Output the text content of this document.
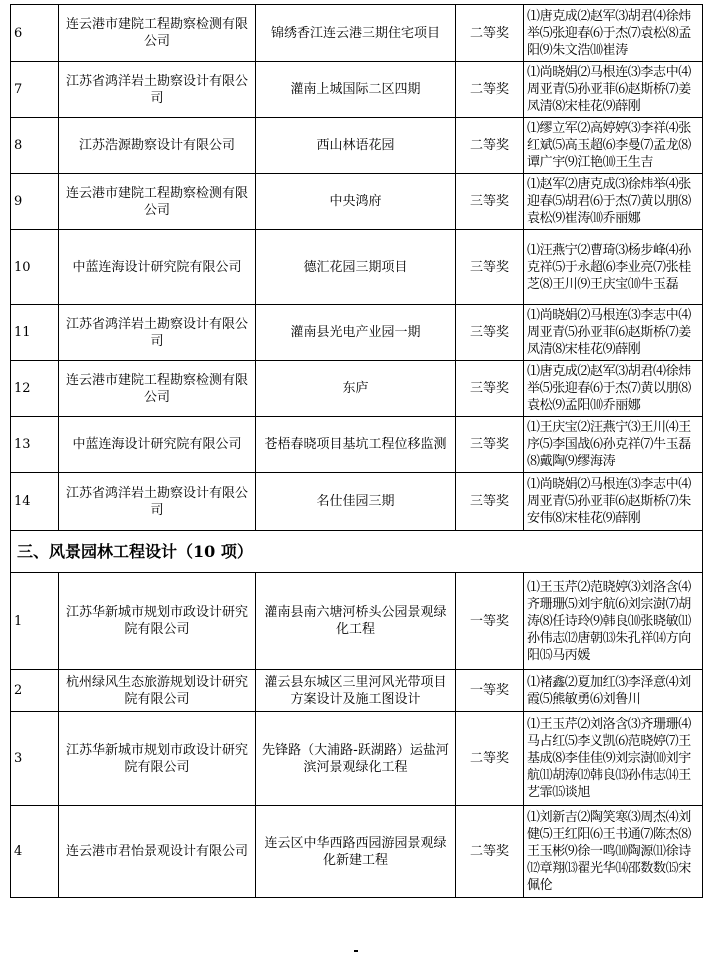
6	连云港市建院工程勘察检测有限公司	锦绣香江连云港三期住宅项目	二等奖	⑴唐克成⑵赵军⑶胡君⑷徐炜举⑸张迎春⑹于杰⑺袁松⑻孟阳⑼朱文浩⑽崔涛
7	江苏省鸿洋岩土勘察设计有限公司	灌南上城国际二区四期	二等奖	⑴尚晓娟⑵马根连⑶李志中⑷周亚青⑸孙亚菲⑹赵斯桥⑺姜凤清⑻宋桂花⑼薛刚
8	江苏浩源勘察设计有限公司	西山林语花园	二等奖	⑴缪立军⑵高婷婷⑶李祥⑷张红斌⑸高玉超⑹李曼⑺孟龙⑻谭广宇⑼江艳⑽王生吉
9	连云港市建院工程勘察检测有限公司	中央鸿府	三等奖	⑴赵军⑵唐克成⑶徐炜举⑷张迎春⑸胡君⑹于杰⑺黄以朋⑻袁松⑼崔涛⑽乔丽娜
10	中蓝连海设计研究院有限公司	德汇花园三期项目	三等奖	⑴汪燕宁⑵曹琦⑶杨步峰⑷孙克祥⑸于永超⑹李业亮⑺张桂芝⑻王川⑼王庆宝⑽牛玉磊
11	江苏省鸿洋岩土勘察设计有限公司	灌南县光电产业园一期	三等奖	⑴尚晓娟⑵马根连⑶李志中⑷周亚青⑸孙亚菲⑹赵斯桥⑺姜凤清⑻宋桂花⑼薛刚
12	连云港市建院工程勘察检测有限公司	东庐	三等奖	⑴唐克成⑵赵军⑶胡君⑷徐炜举⑸张迎春⑹于杰⑺黄以朋⑻袁松⑼孟阳⑽乔丽娜
13	中蓝连海设计研究院有限公司	苍梧春晓项目基坑工程位移监测	三等奖	⑴王庆宝⑵汪燕宁⑶王川⑷王序⑸李国战⑹孙克祥⑺牛玉磊⑻戴陶⑼缪海涛
14	江苏省鸿洋岩土勘察设计有限公司	名仕佳园三期	三等奖	⑴尚晓娟⑵马根连⑶李志中⑷周亚青⑸孙亚菲⑹赵斯桥⑺朱安伟⑻宋桂花⑼薛刚
三、风景园林工程设计（10 项）				
1	江苏华新城市规划市政设计研究院有限公司	灌南县南六塘河桥头公园景观绿化工程	一等奖	⑴王玉芹⑵范晓婷⑶刘洛含⑷齐珊珊⑸刘宇航⑹刘宗澍⑺胡涛⑻任诗玲⑼韩良⑽张晓敏⑾孙伟志⑿唐朝⒀朱孔祥⒁方向阳⒂马丙媛
2	杭州绿风生态旅游规划设计研究院有限公司	灌云县东城区三里河风光带项目方案设计及施工图设计	一等奖	⑴褚鑫⑵夏加红⑶李泽意⑷刘霞⑸熊敏勇⑹刘鲁川
3	江苏华新城市规划市政设计研究院有限公司	先锋路（大浦路-跃湖路）运盐河滨河景观绿化工程	二等奖	⑴王玉芹⑵刘洛含⑶齐珊珊⑷马占红⑸李义凯⑹范晓婷⑺王基成⑻李佳佳⑼刘宗澍⑽刘宇航⑾胡涛⑿韩良⒀孙伟志⒁王艺霏⒂谈旭
4	连云港市君怡景观设计有限公司	连云区中华西路西园游园景观绿化新建工程	二等奖	⑴刘新吉⑵陶笑寒⑶周杰⑷刘健⑸王红阳⑹王书通⑺陈杰⑻王玉彬⑼徐一鸣⑽陶源⑾徐诗⑿章翔⒀翟光华⒁邵数数⒂宋佩伦
